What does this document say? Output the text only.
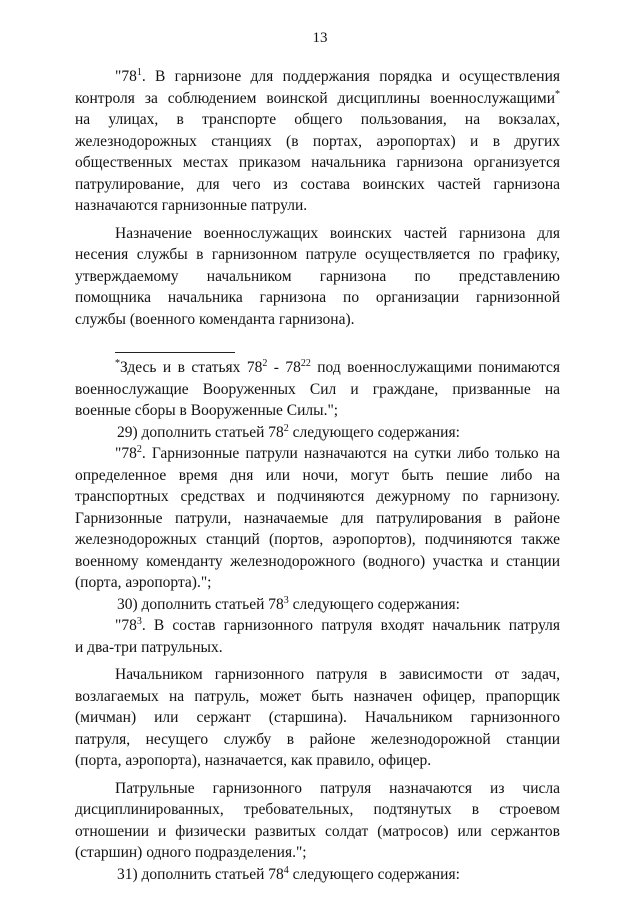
13
"$78^1$. В гарнизоне для поддержания порядка и осуществления
контроля за соблюдением воинской дисциплины военнослужащими*
на улицах, в транспорте общего пользования, на вокзалах,
железнодорожных станциях (в портах, аэропортах) и в других
общественных местах приказом начальника гарнизона организуется
патрулирование, для чего из состава воинских частей гарнизона
назначаются гарнизонные патрули.
Назначение военнослужащих воинских частей гарнизона для
несения службы в гарнизонном патруле осуществляется по графику,
утверждаемому начальником гарнизона по представлению
помощника начальника гарнизона по организации гарнизонной
службы (военного коменданта гарнизона).
*Здесь и в статьях $78^2 - 78^{22}$ под военнослужащими понимаются
военнослужащие Вооруженных Сил и граждане, призванные на
военные сборы в Вооруженные Силы.";
29) дополнить статьей $78^2$ следующего содержания:
"$78^2$. Гарнизонные патрули назначаются на сутки либо только на
определенное время дня или ночи, могут быть пешие либо на
транспортных средствах и подчиняются дежурному по гарнизону.
Гарнизонные патрули, назначаемые для патрулирования в районе
железнодорожных станций (портов, аэропортов), подчиняются также
военному коменданту железнодорожного (водного) участка и станции
(порта, аэропорта).";
30) дополнить статьей $78^3$ следующего содержания:
"$78^3$. В состав гарнизонного патруля входят начальник патруля
и два-три патрульных.
Начальником гарнизонного патруля в зависимости от задач,
возлагаемых на патруль, может быть назначен офицер, прапорщик
(мичман) или сержант (старшина). Начальником гарнизонного
патруля, несущего службу в районе железнодорожной станции
(порта, аэропорта), назначается, как правило, офицер.
Патрульные гарнизонного патруля назначаются из числа
дисциплинированных, требовательных, подтянутых в строевом
отношении и физически развитых солдат (матросов) или сержантов
(старшин) одного подразделения.";
31) дополнить статьей $78^4$ следующего содержания:
